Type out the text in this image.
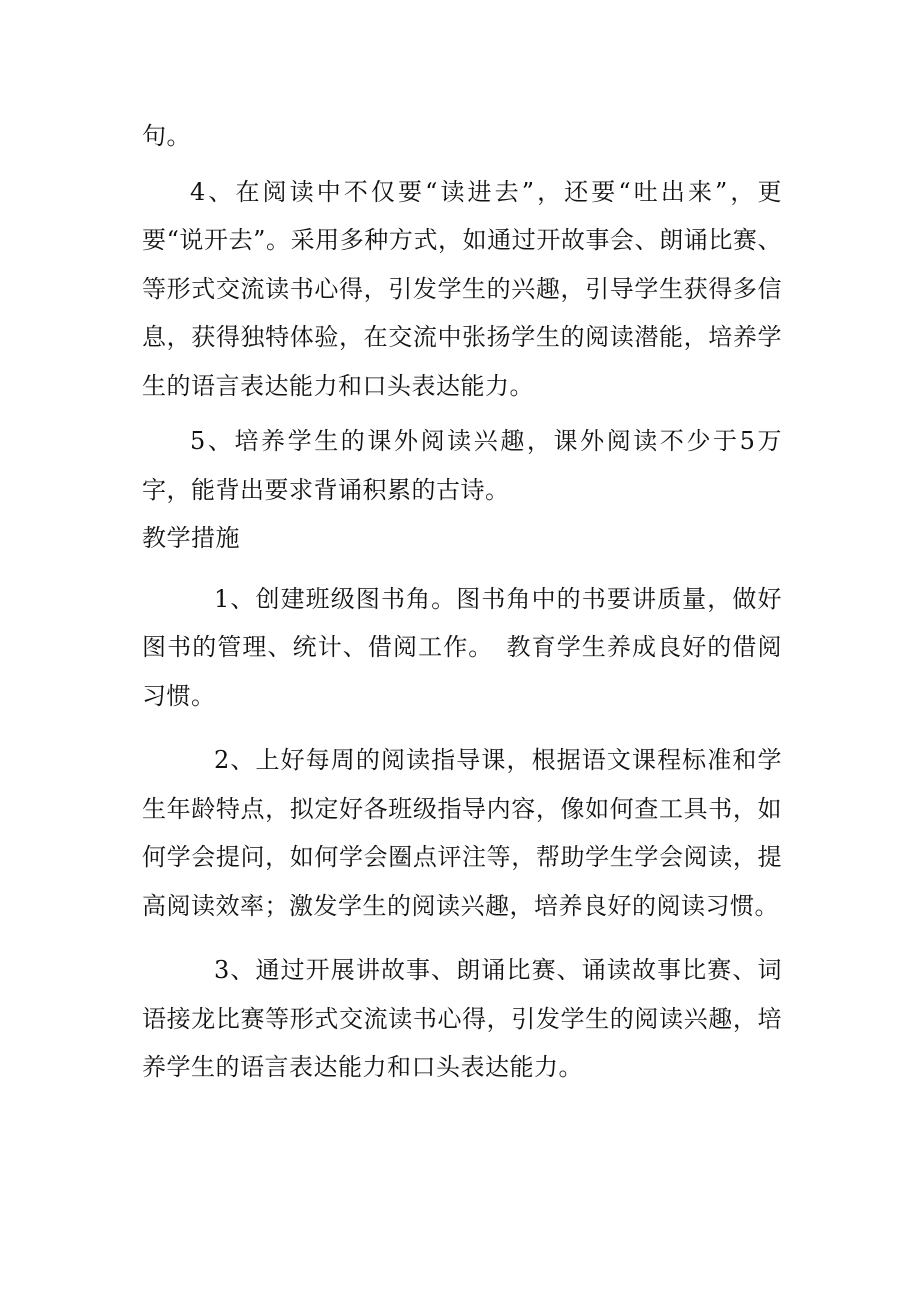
句。

4、在阅读中不仅要“读进去”，还要“吐出来”，更要“说开去”。采用多种方式，如通过开故事会、朗诵比赛、等形式交流读书心得，引发学生的兴趣，引导学生获得多信息，获得独特体验，在交流中张扬学生的阅读潜能，培养学生的语言表达能力和口头表达能力。

5、培养学生的课外阅读兴趣，课外阅读不少于5万字，能背出要求背诵积累的古诗。

教学措施

1、创建班级图书角。图书角中的书要讲质量，做好图书的管理、统计、借阅工作。　教育学生养成良好的借阅习惯。

2、上好每周的阅读指导课，根据语文课程标准和学生年龄特点，拟定好各班级指导内容，像如何查工具书，如何学会提问，如何学会圈点评注等，帮助学生学会阅读，提高阅读效率；激发学生的阅读兴趣，培养良好的阅读习惯。

3、通过开展讲故事、朗诵比赛、诵读故事比赛、词语接龙比赛等形式交流读书心得，引发学生的阅读兴趣，培养学生的语言表达能力和口头表达能力。
